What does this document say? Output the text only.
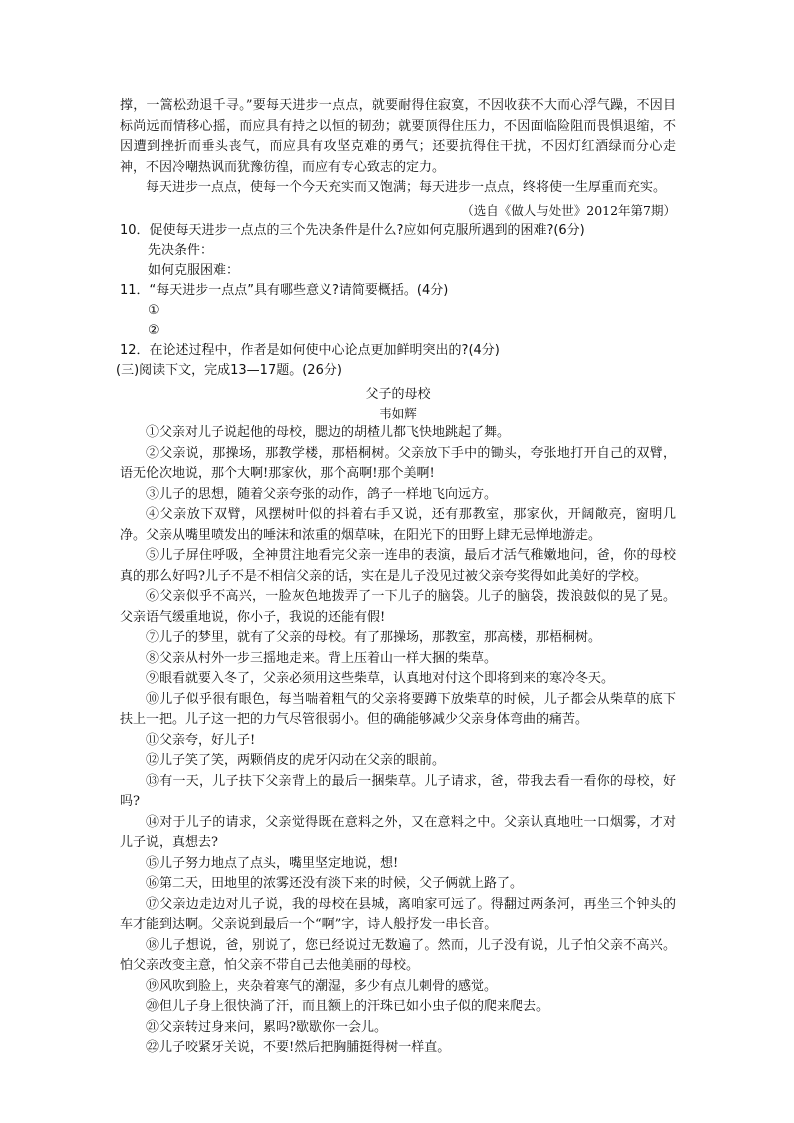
撑，一篙松劲退千寻。”要每天进步一点点，就要耐得住寂寞，不因收获不大而心浮气躁，不因目标尚远而情移心摇，而应具有持之以恒的韧劲；就要顶得住压力，不因面临险阻而畏惧退缩，不因遭到挫折而垂头丧气，而应具有攻坚克难的勇气；还要抗得住干扰，不因灯红酒绿而分心走神，不因冷嘲热讽而犹豫彷徨，而应有专心致志的定力。

每天进步一点点，使每一个今天充实而又饱满；每天进步一点点，终将使一生厚重而充实。

（选自《做人与处世》2012年第7期）

10．促使每天进步一点点的三个先决条件是什么?应如何克服所遇到的困难?(6分)

先决条件：

如何克服困难：

11．“每天进步一点点”具有哪些意义?请简要概括。(4分)

①

②

12．在论述过程中，作者是如何使中心论点更加鲜明突出的?(4分)

(三)阅读下文，完成13—17题。(26分)

父子的母校

韦如辉

①父亲对儿子说起他的母校，腮边的胡楂儿都飞快地跳起了舞。

②父亲说，那操场，那教学楼，那梧桐树。父亲放下手中的锄头，夸张地打开自己的双臂，语无伦次地说，那个大啊!那家伙，那个高啊!那个美啊!

③儿子的思想，随着父亲夸张的动作，鸽子一样地飞向远方。

④父亲放下双臂，风摆树叶似的抖着右手又说，还有那教室，那家伙，开阔敞亮，窗明几净。父亲从嘴里喷发出的唾沫和浓重的烟草味，在阳光下的田野上肆无忌惮地游走。

⑤儿子屏住呼吸，全神贯注地看完父亲一连串的表演，最后才活气稚嫩地问，爸，你的母校真的那么好吗?儿子不是不相信父亲的话，实在是儿子没见过被父亲夸奖得如此美好的学校。

⑥父亲似乎不高兴，一脸灰色地拨弄了一下儿子的脑袋。儿子的脑袋，拨浪鼓似的晃了晃。父亲语气缓重地说，你小子，我说的还能有假!

⑦儿子的梦里，就有了父亲的母校。有了那操场，那教室，那高楼，那梧桐树。

⑧父亲从村外一步三摇地走来。背上压着山一样大捆的柴草。

⑨眼看就要入冬了，父亲必须用这些柴草，认真地对付这个即将到来的寒冷冬天。

⑩儿子似乎很有眼色，每当喘着粗气的父亲将要蹲下放柴草的时候，儿子都会从柴草的底下扶上一把。儿子这一把的力气尽管很弱小。但的确能够减少父亲身体弯曲的痛苦。

⑪父亲夸，好儿子!

⑫儿子笑了笑，两颗俏皮的虎牙闪动在父亲的眼前。

⑬有一天，儿子扶下父亲背上的最后一捆柴草。儿子请求，爸，带我去看一看你的母校，好吗?

⑭对于儿子的请求，父亲觉得既在意料之外，又在意料之中。父亲认真地吐一口烟雾，才对儿子说，真想去?

⑮儿子努力地点了点头，嘴里坚定地说，想!

⑯第二天，田地里的浓雾还没有淡下来的时候，父子俩就上路了。

⑰父亲边走边对儿子说，我的母校在县城，离咱家可远了。得翻过两条河，再坐三个钟头的车才能到达啊。父亲说到最后一个“啊”字，诗人般抒发一串长音。

⑱儿子想说，爸，别说了，您已经说过无数遍了。然而，儿子没有说，儿子怕父亲不高兴。怕父亲改变主意，怕父亲不带自己去他美丽的母校。

⑲风吹到脸上，夹杂着寒气的潮湿，多少有点儿刺骨的感觉。

⑳但儿子身上很快淌了汗，而且额上的汗珠已如小虫子似的爬来爬去。

㉑父亲转过身来问，累吗?歇歇你一会儿。

㉒儿子咬紧牙关说，不要!然后把胸脯挺得树一样直。
